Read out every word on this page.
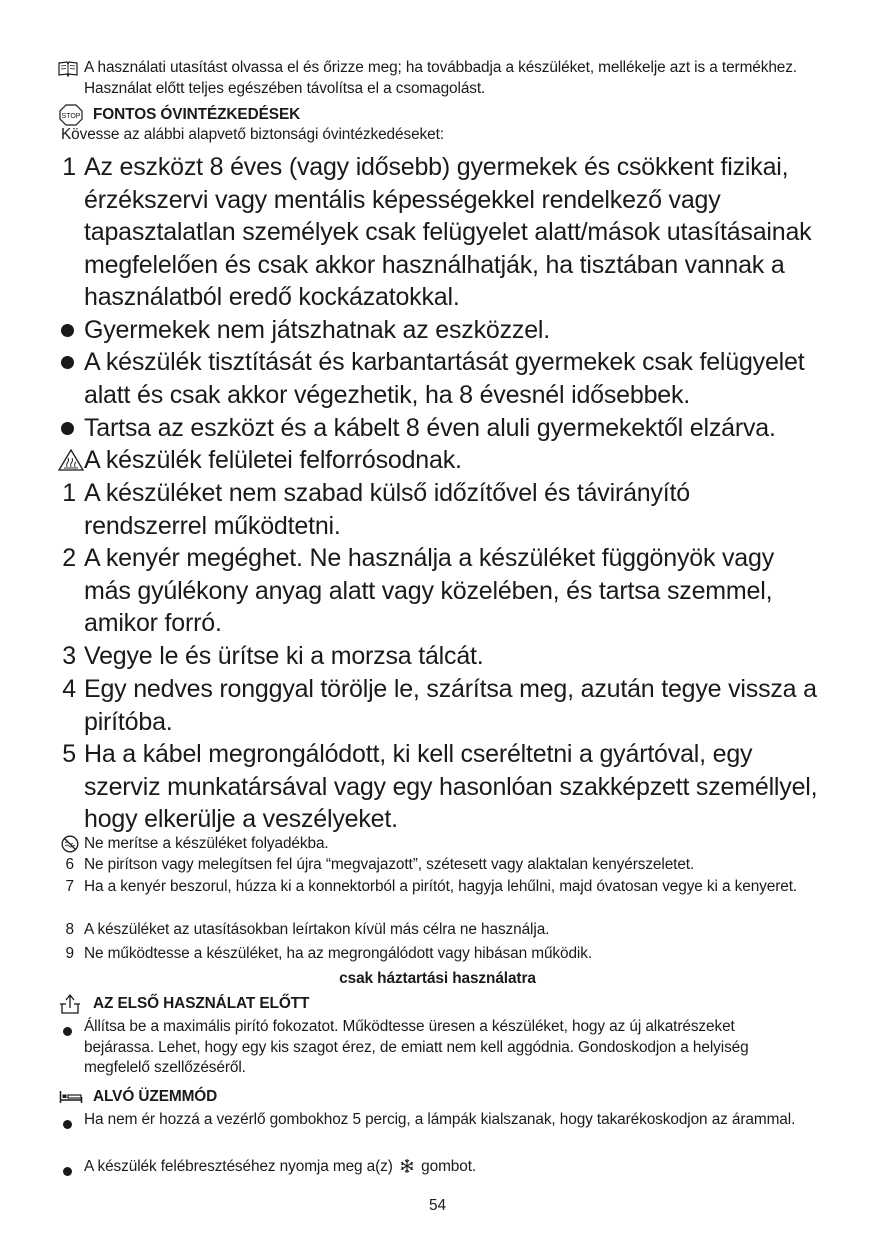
A használati utasítást olvassa el és őrizze meg; ha továbbadja a készüléket, mellékelje azt is a termékhez. Használat előtt teljes egészében távolítsa el a csomagolást.
STOP FONTOS ÓVINTÉZKEDÉSEK
Kövesse az alábbi alapvető biztonsági óvintézkedéseket:
1 Az eszközt 8 éves (vagy idősebb) gyermekek és csökkent fizikai, érzékszervi vagy mentális képességekkel rendelkező vagy tapasztalatlan személyek csak felügyelet alatt/mások utasításainak megfelelően és csak akkor használhatják, ha tisztában vannak a használatból eredő kockázatokkal.
Gyermekek nem játszhatnak az eszközzel.
A készülék tisztítását és karbantartását gyermekek csak felügyelet alatt és csak akkor végezhetik, ha 8 évesnél idősebbek.
Tartsa az eszközt és a kábelt 8 éven aluli gyermekektől elzárva.
A készülék felületei felforrósodnak.
1 A készüléket nem szabad külső időzítővel és távirányító rendszerrel működtetni.
2 A kenyér megéghet. Ne használja a készüléket függönyök vagy más gyúlékony anyag alatt vagy közelében, és tartsa szemmel, amikor forró.
3 Vegye le és ürítse ki a morzsa tálcát.
4 Egy nedves ronggyal törölje le, szárítsa meg, azután tegye vissza a pirítóba.
5 Ha a kábel megrongálódott, ki kell cseréltetni a gyártóval, egy szerviz munkatársával vagy egy hasonlóan szakképzett személlyel, hogy elkerülje a veszélyeket.
Ne merítse a készüléket folyadékba.
6 Ne pirítson vagy melegítsen fel újra “megvajazott”, szétesett vagy alaktalan kenyérszeletet.
7 Ha a kenyér beszorul, húzza ki a konnektorból a pirítót, hagyja lehűlni, majd óvatosan vegye ki a kenyeret.
8 A készüléket az utasításokban leírtakon kívül más célra ne használja.
9 Ne működtesse a készüléket, ha az megrongálódott vagy hibásan működik.
csak háztartási használatra
AZ ELSŐ HASZNÁLAT ELŐTT
Állítsa be a maximális pirító fokozatot. Működtesse üresen a készüléket, hogy az új alkatrészeket bejárassa. Lehet, hogy egy kis szagot érez, de emiatt nem kell aggódnia. Gondoskodjon a helyiség megfelelő szellőzéséről.
ALVÓ ÜZEMMÓD
Ha nem ér hozzá a vezérlő gombokhoz 5 percig, a lámpák kialszanak, hogy takarékoskodjon az árammal.
A készülék felébresztéséhez nyomja meg a(z) gombot.
54
